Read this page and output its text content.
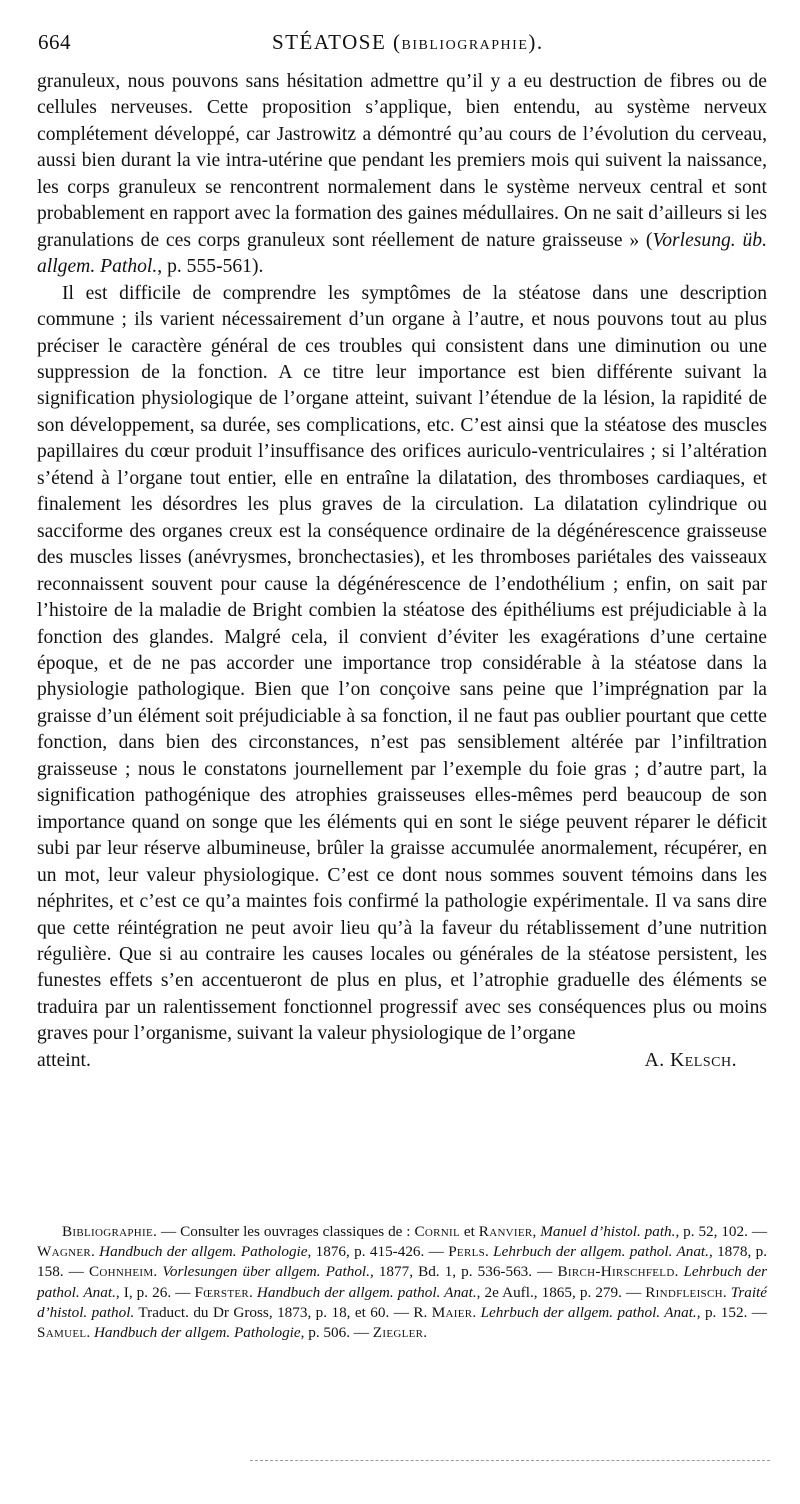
664	STÉATOSE (BIBLIOGRAPHIE).

granuleux, nous pouvons sans hésitation admettre qu’il y a eu destruction de fibres ou de cellules nerveuses. Cette proposition s’applique, bien entendu, au système nerveux complétement développé, car Jastrowitz a démontré qu’au cours de l’évolution du cerveau, aussi bien durant la vie intra-utérine que pendant les premiers mois qui suivent la naissance, les corps granuleux se rencontrent normalement dans le système nerveux central et sont probablement en rapport avec la formation des gaines médullaires. On ne sait d’ailleurs si les granulations de ces corps granuleux sont réellement de nature graisseuse » (Vorlesung. üb. allgem. Pathol., p. 555-561).

Il est difficile de comprendre les symptômes de la stéatose dans une description commune ; ils varient nécessairement d’un organe à l’autre, et nous pouvons tout au plus préciser le caractère général de ces troubles qui consistent dans une diminution ou une suppression de la fonction. A ce titre leur importance est bien différente suivant la signification physiologique de l’organe atteint, suivant l’étendue de la lésion, la rapidité de son développement, sa durée, ses complications, etc. C’est ainsi que la stéatose des muscles papillaires du cœur produit l’insuffisance des orifices auriculo-ventriculaires ; si l’altération s’étend à l’organe tout entier, elle en entraîne la dilatation, des thromboses cardiaques, et finalement les désordres les plus graves de la circulation. La dilatation cylindrique ou sacciforme des organes creux est la conséquence ordinaire de la dégénérescence graisseuse des muscles lisses (anévrysmes, bronchectasies), et les thromboses pariétales des vaisseaux reconnaissent souvent pour cause la dégénérescence de l’endothélium ; enfin, on sait par l’histoire de la maladie de Bright combien la stéatose des épithéliums est préjudiciable à la fonction des glandes. Malgré cela, il convient d’éviter les exagérations d’une certaine époque, et de ne pas accorder une importance trop considérable à la stéatose dans la physiologie pathologique. Bien que l’on conçoive sans peine que l’imprégnation par la graisse d’un élément soit préjudiciable à sa fonction, il ne faut pas oublier pourtant que cette fonction, dans bien des circonstances, n’est pas sensiblement altérée par l’infiltration graisseuse ; nous le constatons journellement par l’exemple du foie gras ; d’autre part, la signification pathogénique des atrophies graisseuses elles-mêmes perd beaucoup de son importance quand on songe que les éléments qui en sont le siége peuvent réparer le déficit subi par leur réserve albumineuse, brûler la graisse accumulée anormalement, récupérer, en un mot, leur valeur physiologique. C’est ce dont nous sommes souvent témoins dans les néphrites, et c’est ce qu’a maintes fois confirmé la pathologie expérimentale. Il va sans dire que cette réintégration ne peut avoir lieu qu’à la faveur du rétablissement d’une nutrition régulière. Que si au contraire les causes locales ou générales de la stéatose persistent, les funestes effets s’en accentueront de plus en plus, et l’atrophie graduelle des éléments se traduira par un ralentissement fonctionnel progressif avec ses conséquences plus ou moins graves pour l’organisme, suivant la valeur physiologique de l’organe

atteint.	A. Kelsch.

Bibliographie. — Consulter les ouvrages classiques de : Cornil et Ranvier, Manuel d’histol. path., p. 52, 102. — Wagner. Handbuch der allgem. Pathologie, 1876, p. 415-426. — Perls. Lehrbuch der allgem. pathol. Anat., 1878, p. 158. — Cohnheim. Vorlesungen über allgem. Pathol., 1877, Bd. 1, p. 536-563. — Birch-Hirschfeld. Lehrbuch der pathol. Anat., I, p. 26. — Fœrster. Handbuch der allgem. pathol. Anat., 2e Aufl., 1865, p. 279. — Rindfleisch. Traité d’histol. pathol. Traduct. du Dr Gross, 1873, p. 18, et 60. — R. Maier. Lehrbuch der allgem. pathol. Anat., p. 152. — Samuel. Handbuch der allgem. Pathologie, p. 506. — Ziegler.
